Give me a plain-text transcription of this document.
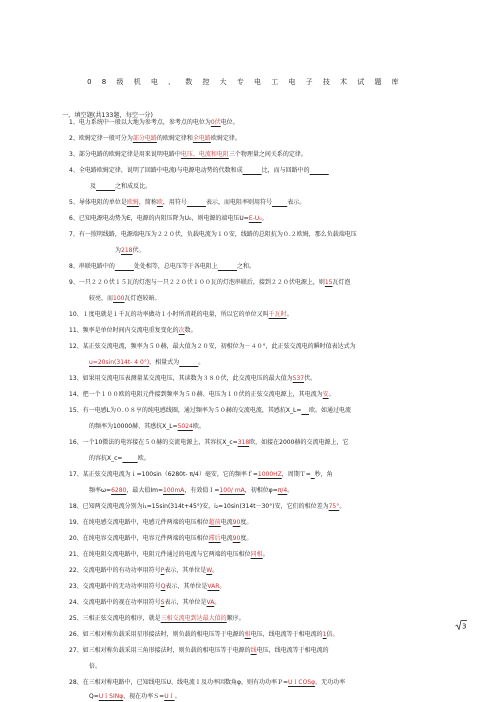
08级机电、数控大专电工电子技术试题库
一、填空题(共133题，每空一分)
1、电力系统中一般以大地为参考点，参考点的电位为0伏电位。
2、欧姆定律一般可分为部分电路的欧姆定律和全电路欧姆定律。
3、部分电路的欧姆定律是用来说明电路中电压、电流和电阻三个物理量之间关系的定律。
4、全电路欧姆定律，说明了回路中电流Ⅰ与电源电动势的代数和成	比，而与回路中的
及	之和成反比。
5、导体电阻的单位是欧姆，简称欧，用符号	表示，而电阻率则用符号	表示。
6、已知电源电动势为E，电源的内阻压降为U₀，则电源的端电压U=E-U₀。
7、有一照明线路，电源端电压为２２０伏，负载电流为１０安，线路的总阻抗为０.２欧姆，那么负载端电压
为218伏。
8、串联电路中的	处处相等，总电压等于各电阻上	之和。
9、一只２２０伏１５瓦的灯泡与一只２２０伏１００瓦的灯泡串联后，接到２２０伏电源上，则15瓦灯泡
较亮，而100瓦灯泡较暗。
10、１度电就是１千瓦的功率做功１小时所消耗的电量，所以它的单位又叫千瓦时。
11、频率是单位时间内交流电重复变化的次数。
12、某正弦交流电流，频率为５０赫，最大值为２０安，初相位为－４０°，此正弦交流电的瞬时值表达式为
u=20sin(314t- 4 0°)，相量式为	。
13、如果用交流电压表测量某交流电压，其读数为３８０伏，此交流电压的最大值为537伏。
14、把一个１００欧的电阻元件接到频率为５０赫、电压为１０伏的正弦交流电源上，其电流为安。
15、有一电感L为０.０８亨的纯电感线圈，通过频率为５０赫的交流电流，其感抗X_L= 欧。如通过电流
的频率为10000赫，其感抗X_L=5024欧。
16、一个10微法的电容接在５０赫的交流电源上，其容抗X_c=318欧，如接在2000赫的交流电源上，它
的容抗X_c=	欧。
17、某正弦交流电流为ｉ=100sin（6280t- π/4）毫安，它的频率ｆ=1000HZ，周期Ｔ= 秒，角
频率ω=6280，最大值Im=100mA，有效值Ｉ=100/ mA，初相位φ=π/4。
18、已知两交流电流分别为i₁=15sin(314t+45°)安，i₂=10sin(314t－30°)安，它们的相位差为75°。
19、在纯电感交流电路中，电感元件两端的电压相位超前电流90度。
20、在纯电容交流电路中，电容元件两端的电压相位滞后电流90度。
21、在纯电阻交流电路中，电阻元件通过的电流与它两端的电压相位同相。
22、交流电路中的有功功率用符号P表示，其单位是W。
23、交流电路中的无功功率用符号Q表示，其单位是VAR。
24、交流电路中的视在功率用符号S表示，其单位是VA。
25、三相正弦交流电的相序，就是三相交流电到达最大值的顺序。
26、如三相对称负载采用星形接法时，则负载的相电压等于电源的相电压，线电流等于相电流的1倍。
27、如三相对称负载采用三角形接法时，则负载的相电压等于电源的线电压，线电流等于相电流的
倍。
28、在三相对称电路中，已知线电压U、线电流Ｉ及功率因数角φ，则有功功率Ｐ=UＩCOSφ，无功功率
Q=UＩSINφ，视在功率Ｓ=UＩ。
3
